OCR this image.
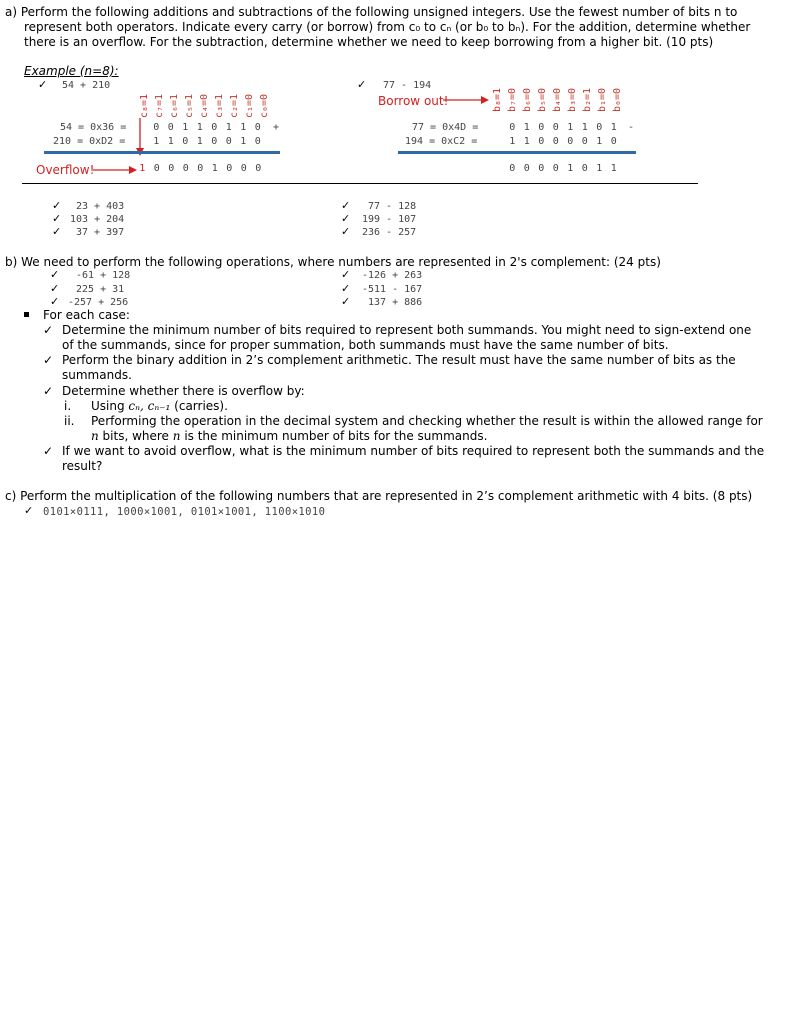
a) Perform the following additions and subtractions of the following unsigned integers. Use the fewest number of bits n to
represent both operators. Indicate every carry (or borrow) from c₀ to cₙ (or b₀ to bₙ). For the addition, determine whether
there is an overflow. For the subtraction, determine whether we need to keep borrowing from a higher bit. (10 pts)
Example (n=8):
✓ 54 + 210
c₈=1 c₇=1 c₆=1 c₅=1 c₄=0 c₃=1 c₂=1 c₁=0 c₀=0
54 = 0x36 =	0 0 1 1 0 1 1 0	+
210 = 0xD2 =	1 1 0 1 0 0 1 0
Overflow!	1 0 0 0 0 1 0 0 0
✓ 77 - 194
Borrow out!	b₈=1 b₇=0 b₆=0 b₅=0 b₄=0 b₃=0 b₂=1 b₁=0 b₀=0
77 = 0x4D =	0 1 0 0 1 1 0 1	-
194 = 0xC2 =	1 1 0 0 0 0 1 0
0 0 0 0 1 0 1 1
✓ 23 + 403
✓ 103 + 204
✓ 37 + 397
✓ 77 - 128
✓ 199 - 107
✓ 236 - 257
b) We need to perform the following operations, where numbers are represented in 2's complement: (24 pts)
✓ -61 + 128
✓ 225 + 31
✓ -257 + 256
✓ -126 + 263
✓ -511 - 167
✓ 137 + 886
For each case:
✓ Determine the minimum number of bits required to represent both summands. You might need to sign-extend one
of the summands, since for proper summation, both summands must have the same number of bits.
✓ Perform the binary addition in 2’s complement arithmetic. The result must have the same number of bits as the
summands.
✓ Determine whether there is overflow by:
i. Using cₙ, cₙ₋₁ (carries).
ii. Performing the operation in the decimal system and checking whether the result is within the allowed range for
n bits, where n is the minimum number of bits for the summands.
✓ If we want to avoid overflow, what is the minimum number of bits required to represent both the summands and the
result?
c) Perform the multiplication of the following numbers that are represented in 2’s complement arithmetic with 4 bits. (8 pts)
✓ 0101×0111, 1000×1001, 0101×1001, 1100×1010
